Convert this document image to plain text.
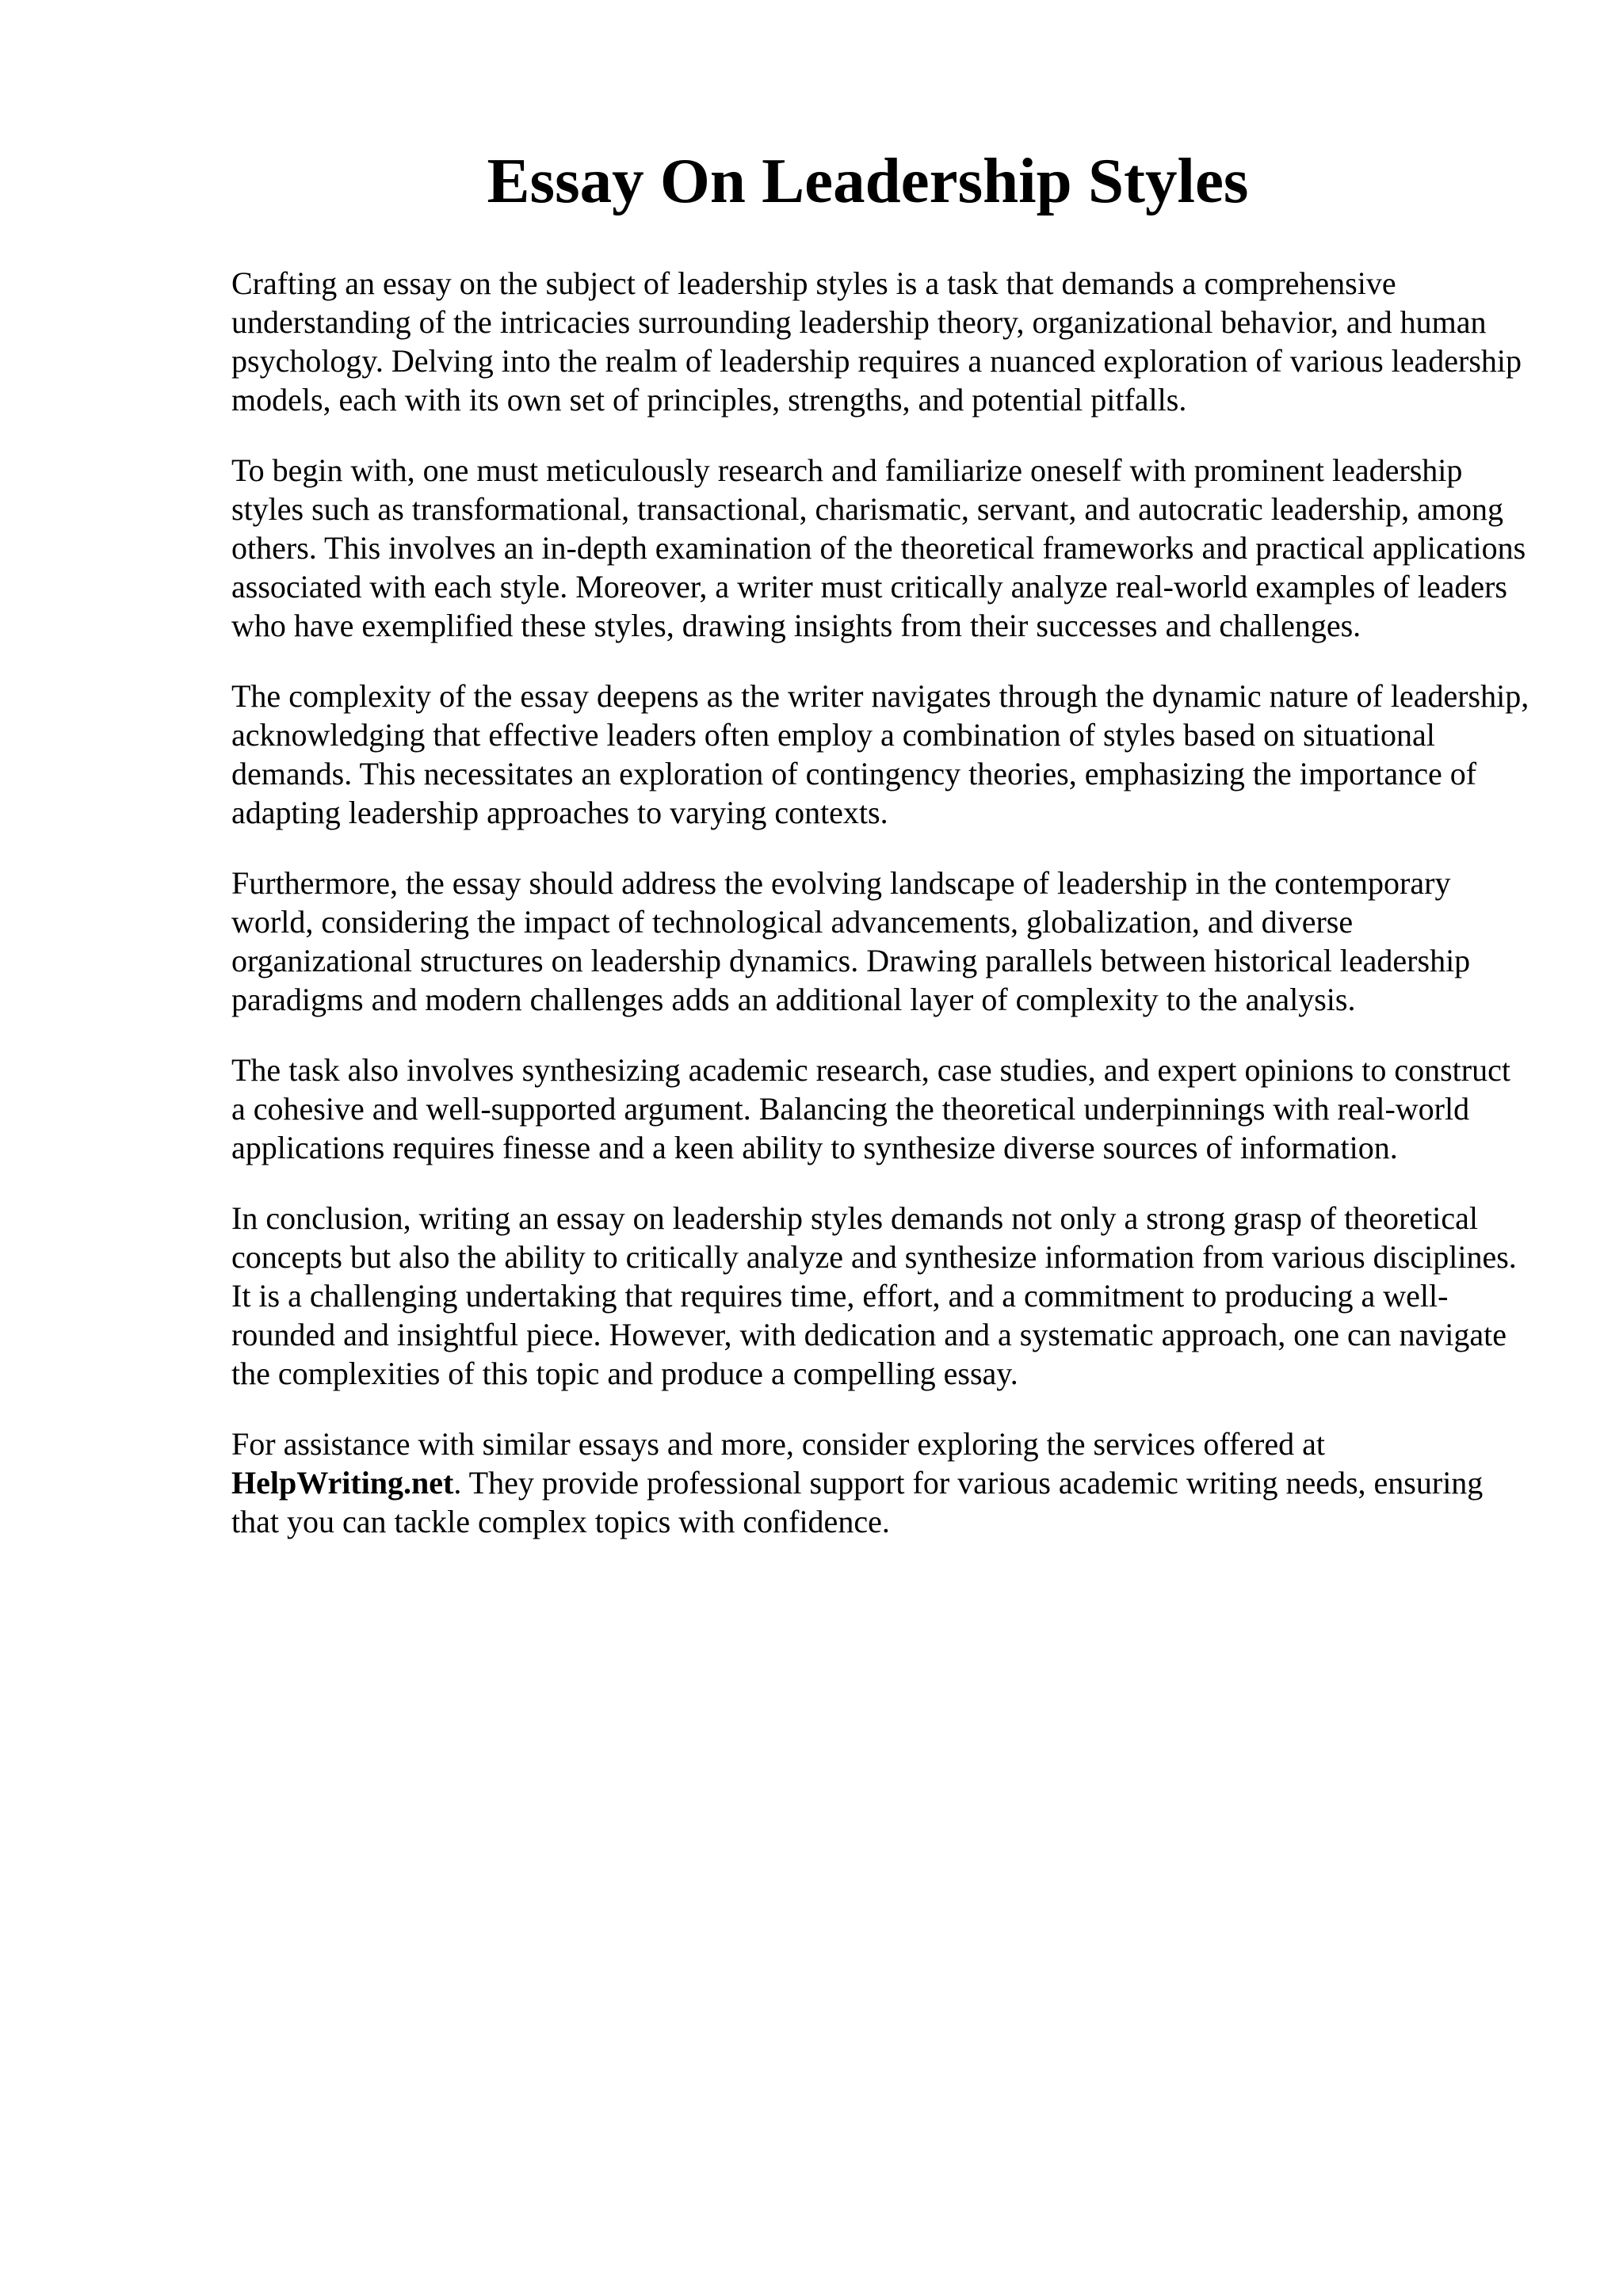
Essay On Leadership Styles

Crafting an essay on the subject of leadership styles is a task that demands a comprehensive understanding of the intricacies surrounding leadership theory, organizational behavior, and human psychology. Delving into the realm of leadership requires a nuanced exploration of various leadership models, each with its own set of principles, strengths, and potential pitfalls.

To begin with, one must meticulously research and familiarize oneself with prominent leadership styles such as transformational, transactional, charismatic, servant, and autocratic leadership, among others. This involves an in-depth examination of the theoretical frameworks and practical applications associated with each style. Moreover, a writer must critically analyze real-world examples of leaders who have exemplified these styles, drawing insights from their successes and challenges.

The complexity of the essay deepens as the writer navigates through the dynamic nature of leadership, acknowledging that effective leaders often employ a combination of styles based on situational demands. This necessitates an exploration of contingency theories, emphasizing the importance of adapting leadership approaches to varying contexts.

Furthermore, the essay should address the evolving landscape of leadership in the contemporary world, considering the impact of technological advancements, globalization, and diverse organizational structures on leadership dynamics. Drawing parallels between historical leadership paradigms and modern challenges adds an additional layer of complexity to the analysis.

The task also involves synthesizing academic research, case studies, and expert opinions to construct a cohesive and well-supported argument. Balancing the theoretical underpinnings with real-world applications requires finesse and a keen ability to synthesize diverse sources of information.

In conclusion, writing an essay on leadership styles demands not only a strong grasp of theoretical concepts but also the ability to critically analyze and synthesize information from various disciplines. It is a challenging undertaking that requires time, effort, and a commitment to producing a well-rounded and insightful piece. However, with dedication and a systematic approach, one can navigate the complexities of this topic and produce a compelling essay.

For assistance with similar essays and more, consider exploring the services offered at
HelpWriting.net. They provide professional support for various academic writing needs, ensuring that you can tackle complex topics with confidence.
